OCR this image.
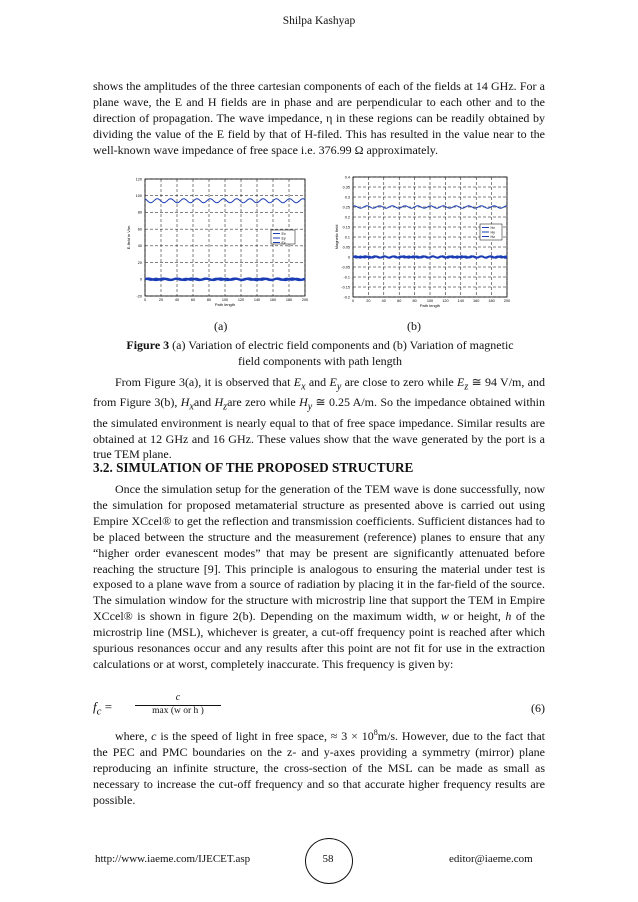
Shilpa Kashyap

shows the amplitudes of the three cartesian components of each of the fields at 14 GHz. For a plane wave, the E and H fields are in phase and are perpendicular to each other and to the direction of propagation. The wave impedance, η in these regions can be readily obtained by dividing the value of the E field by that of H-filed. This has resulted in the value near to the well-known wave impedance of free space i.e. 376.99 Ω approximately.

0	20	40	60	80	100	120	140	160	180	200
-20
0
20
40
60
80
100
120
Path length
E-field in V/m	Ex
Ey
Ez
0	20	40	60	80	100 120 140 160 180 200
-0.2
-0.15
-0.1
-0.05
0
0.05
0.1
0.15
0.2
0.25
0.3
0.35
0.4
Path length
Magnetic field	Hx
Hy
Hz
(a)	(b)
Figure 3 (a) Variation of electric field components and (b) Variation of magnetic field components with path length

From Figure 3(a), it is observed that $E_x$ and $E_y$ are close to zero while $E_z$ ≅ 94 V/m, and from Figure 3(b), $H_xand$ $H_zare$ zero while $H_y$ ≅ 0.25 A/m. So the impedance obtained within the simulated environment is nearly equal to that of free space impedance. Similar results are obtained at 12 GHz and 16 GHz. These values show that the wave generated by the port is a true TEM plane.

3.2. SIMULATION OF THE PROPOSED STRUCTURE

Once the simulation setup for the generation of the TEM wave is done successfully, now the simulation for proposed metamaterial structure as presented above is carried out using Empire XCcel® to get the reflection and transmission coefficients. Sufficient distances had to be placed between the structure and the measurement (reference) planes to ensure that any “higher order evanescent modes” that may be present are significantly attenuated before reaching the structure [9]. This principle is analogous to ensuring the material under test is exposed to a plane wave from a source of radiation by placing it in the far-field of the source. The simulation window for the structure with microstrip line that support the TEM in Empire XCcel® is shown in figure 2(b). Depending on the maximum width, w or height, h of the microstrip line (MSL), whichever is greater, a cut-off frequency point is reached after which spurious resonances occur and any results after this point are not fit for use in the extraction calculations or at worst, completely inaccurate. This frequency is given by:

$f_c$ =
c
max (w or h )	(6)

where, c is the speed of light in free space, ≈ $3 \times 10^8m/s$. However, due to the fact that the PEC and PMC boundaries on the z- and y-axes providing a symmetry (mirror) plane reproducing an infinite structure, the cross-section of the MSL can be made as small as necessary to increase the cut-off frequency and so that accurate higher frequency results are possible.

http://www.iaeme.com/IJECET.asp	58	editor@iaeme.com
